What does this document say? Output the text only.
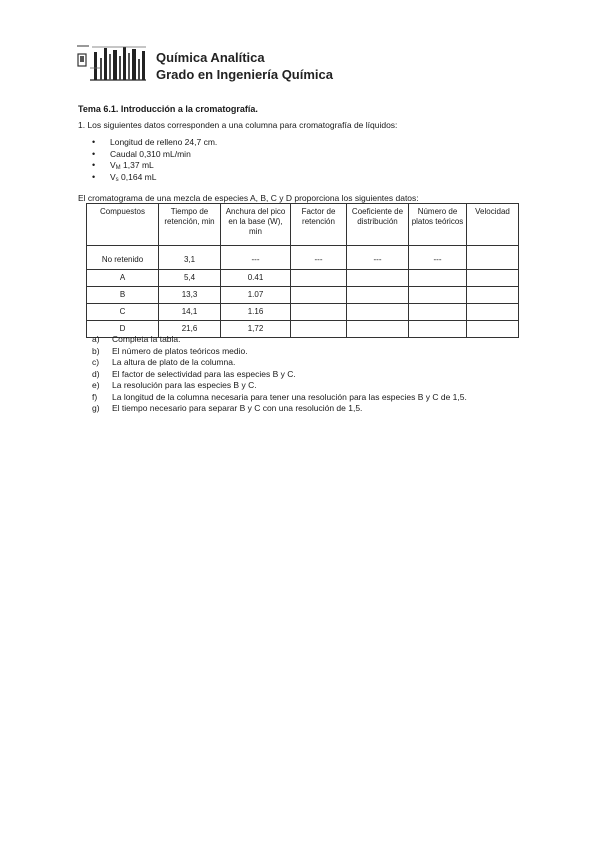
Química Analítica
Grado en Ingeniería Química
Tema 6.1. Introducción a la cromatografía.
1. Los siguientes datos corresponden a una columna para cromatografía de líquidos:
• Longitud de relleno 24,7 cm.
• Caudal 0,310 mL/min
• VM 1,37 mL
• Vs 0,164 mL
El cromatograma de una mezcla de especies A, B, C y D proporciona los siguientes datos:
Compuestos	Tiempo de retención, min	Anchura del pico en la base (W), min	Factor de retención	Coeficiente de distribución	Número de platos teóricos	Velocidad
No retenido	3,1	---	---	---	---	
A	5,4	0.41				
B	13,3	1.07				
C	14,1	1.16				
D	21,6	1,72				
a) Completa la tabla.
b) El número de platos teóricos medio.
c) La altura de plato de la columna.
d) El factor de selectividad para las especies B y C.
e) La resolución para las especies B y C.
f) La longitud de la columna necesaria para tener una resolución para las especies B y C de 1,5.
g) El tiempo necesario para separar B y C con una resolución de 1,5.
